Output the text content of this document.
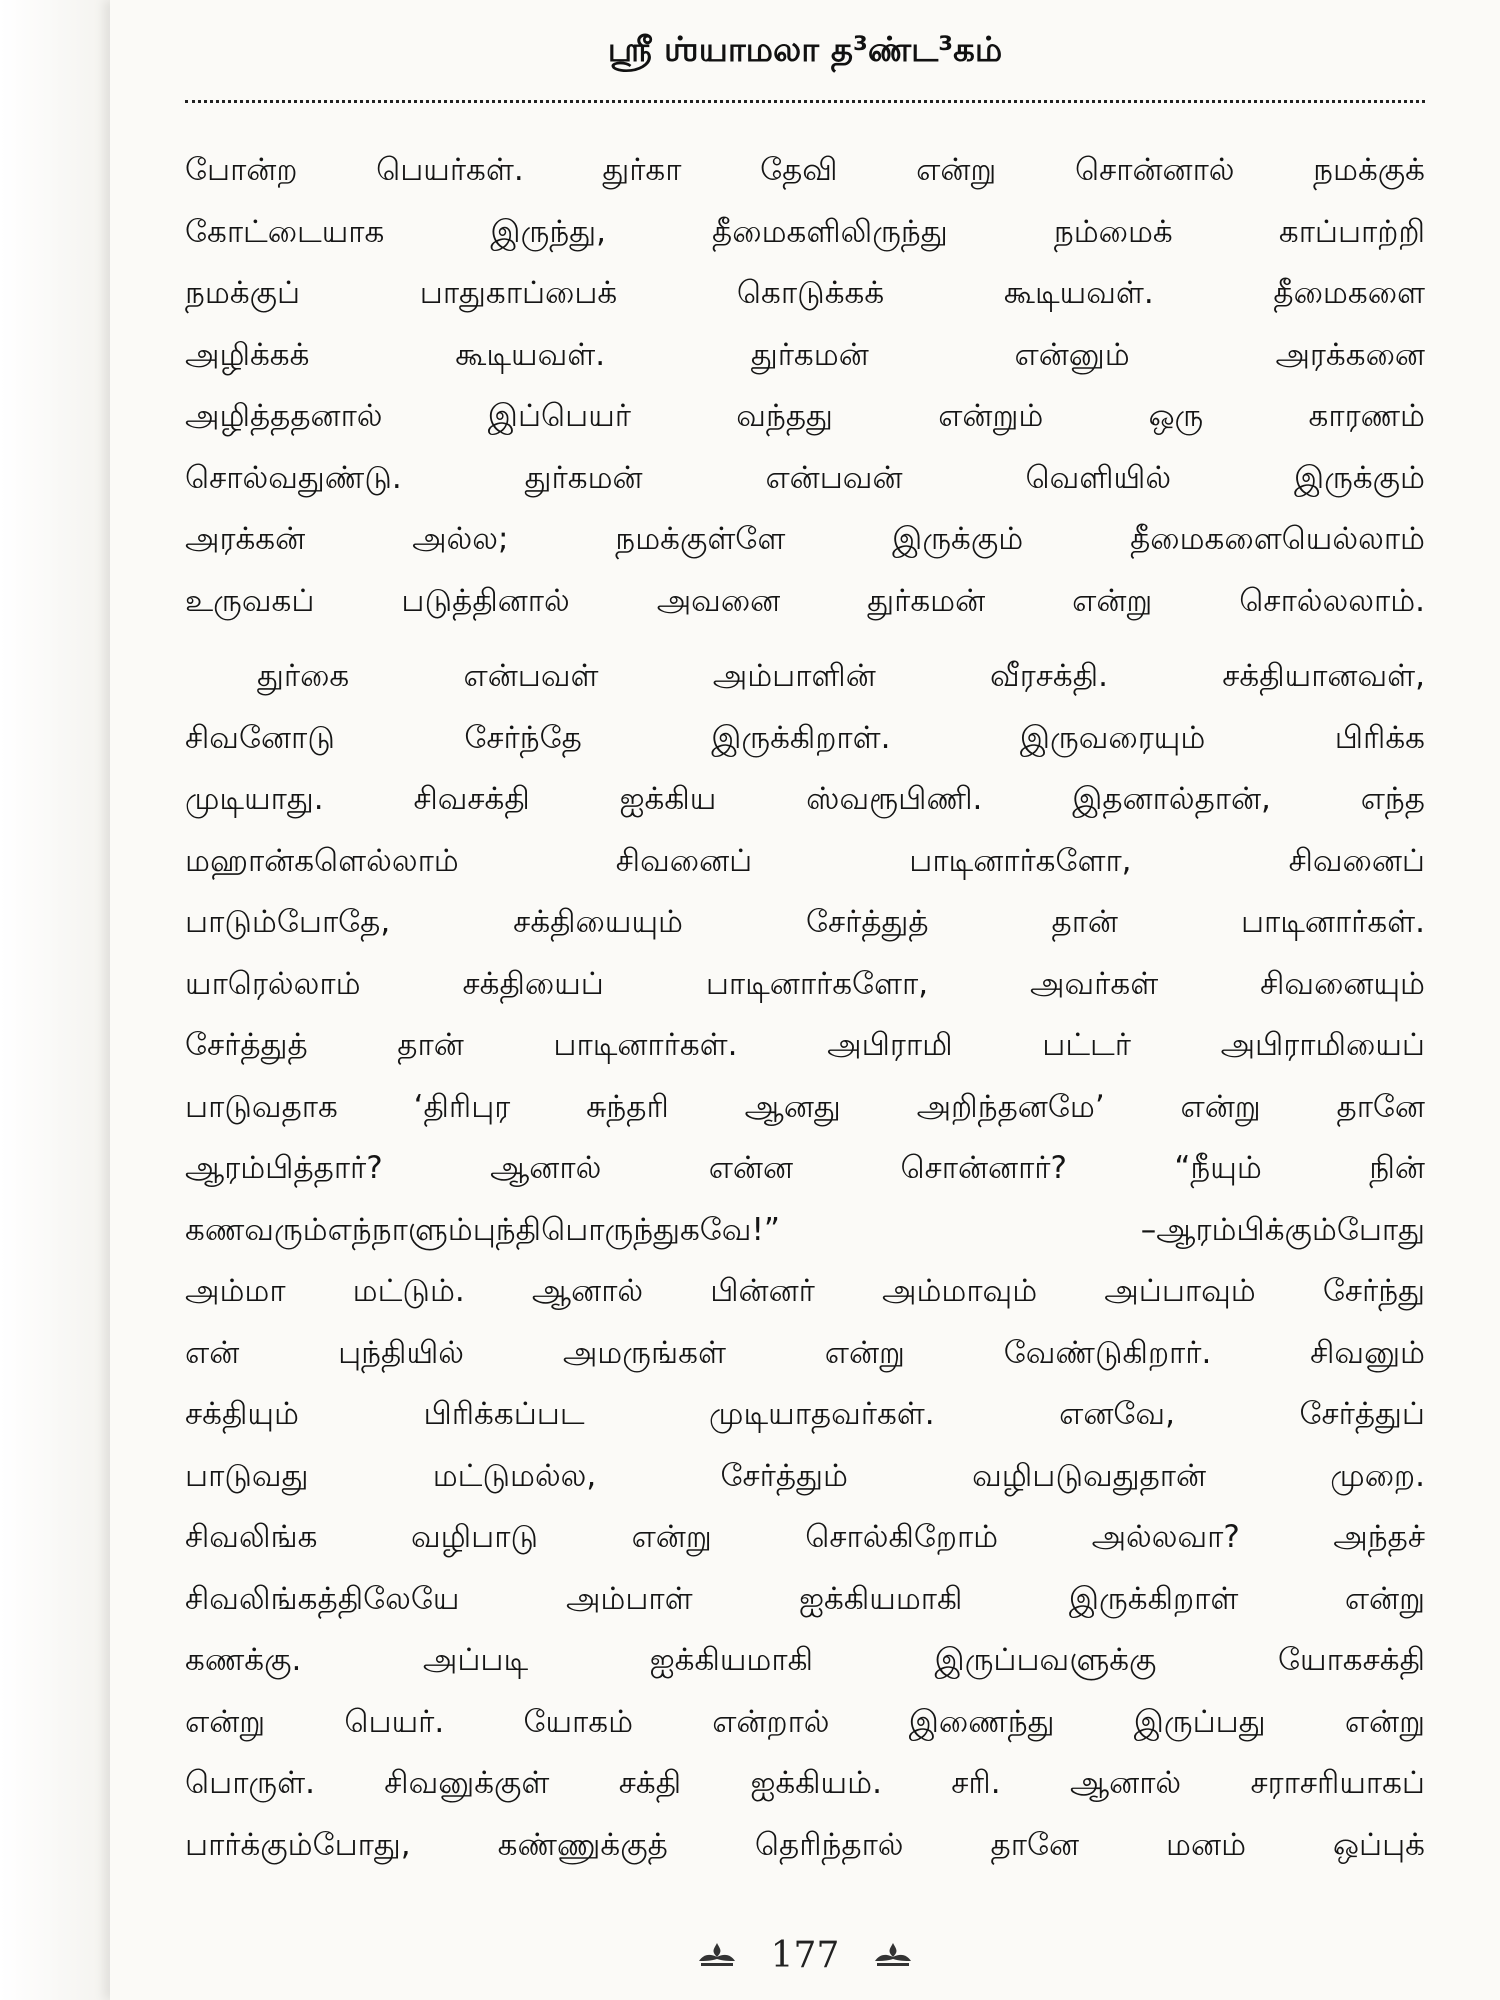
ஸ்ரீ ஶ்யாமலா த³ண்ட³கம்
போன்ற பெயர்கள். துர்கா தேவி என்று சொன்னால் நமக்குக்
கோட்டையாக இருந்து, தீமைகளிலிருந்து நம்மைக் காப்பாற்றி
நமக்குப் பாதுகாப்பைக் கொடுக்கக் கூடியவள். தீமைகளை
அழிக்கக் கூடியவள். துர்கமன் என்னும் அரக்கனை
அழித்ததனால் இப்பெயர் வந்தது என்றும் ஒரு காரணம்
சொல்வதுண்டு. துர்கமன் என்பவன் வெளியில் இருக்கும்
அரக்கன் அல்ல; நமக்குள்ளே இருக்கும் தீமைகளையெல்லாம்
உருவகப் படுத்தினால் அவனை துர்கமன் என்று சொல்லலாம்.
துர்கை என்பவள் அம்பாளின் வீரசக்தி. சக்தியானவள்,
சிவனோடு சேர்ந்தே இருக்கிறாள். இருவரையும் பிரிக்க
முடியாது. சிவசக்தி ஐக்கிய ஸ்வரூபிணி. இதனால்தான், எந்த
மஹான்களெல்லாம் சிவனைப் பாடினார்களோ, சிவனைப்
பாடும்போதே, சக்தியையும் சேர்த்துத் தான் பாடினார்கள்.
யாரெல்லாம் சக்தியைப் பாடினார்களோ, அவர்கள் சிவனையும்
சேர்த்துத் தான் பாடினார்கள். அபிராமி பட்டர் அபிராமியைப்
பாடுவதாக ‘திரிபுர சுந்தரி ஆனது அறிந்தனமே’ என்று தானே
ஆரம்பித்தார்? ஆனால் என்ன சொன்னார்? “நீயும் நின்
கணவரும்எந்நாளும்புந்திபொருந்துகவே!” –ஆரம்பிக்கும்போது
அம்மா மட்டும். ஆனால் பின்னர் அம்மாவும் அப்பாவும் சேர்ந்து
என் புந்தியில் அமருங்கள் என்று வேண்டுகிறார். சிவனும்
சக்தியும் பிரிக்கப்பட முடியாதவர்கள். எனவே, சேர்த்துப்
பாடுவது மட்டுமல்ல, சேர்த்தும் வழிபடுவதுதான் முறை.
சிவலிங்க வழிபாடு என்று சொல்கிறோம் அல்லவா? அந்தச்
சிவலிங்கத்திலேயே அம்பாள் ஐக்கியமாகி இருக்கிறாள் என்று
கணக்கு. அப்படி ஐக்கியமாகி இருப்பவளுக்கு யோகசக்தி
என்று பெயர். யோகம் என்றால் இணைந்து இருப்பது என்று
பொருள். சிவனுக்குள் சக்தி ஐக்கியம். சரி. ஆனால் சராசரியாகப்
பார்க்கும்போது, கண்ணுக்குத் தெரிந்தால் தானே மனம் ஒப்புக்
177
